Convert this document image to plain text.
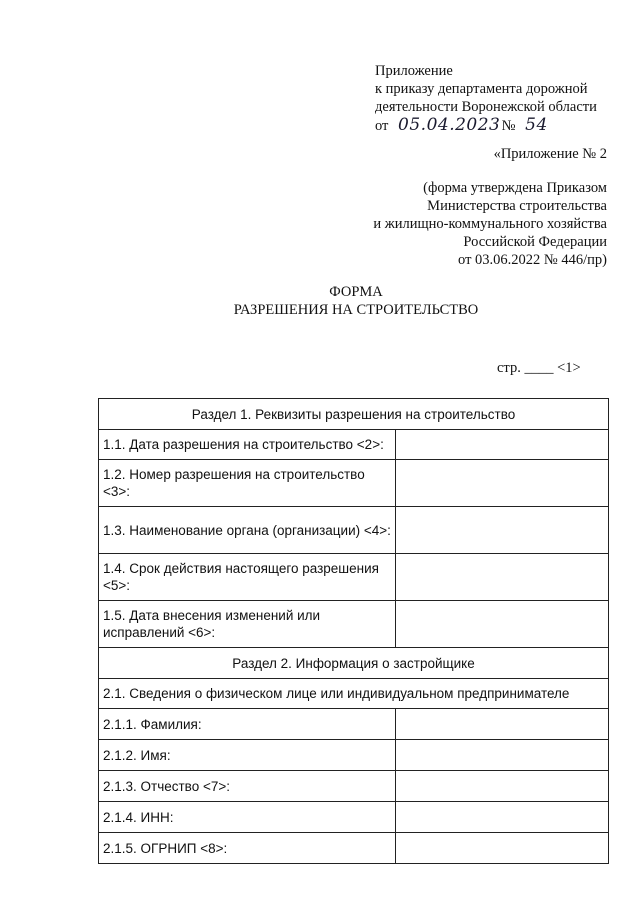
Приложение
к приказу департамента дорожной
деятельности Воронежской области
от 05.04.2023 № 54
«Приложение № 2
(форма утверждена Приказом
Министерства строительства
и жилищно-коммунального хозяйства
Российской Федерации
от 03.06.2022 № 446/пр)
ФОРМА
РАЗРЕШЕНИЯ НА СТРОИТЕЛЬСТВО
стр. ____ <1>
Раздел 1. Реквизиты разрешения на строительство	
1.1. Дата разрешения на строительство <2>:	
1.2. Номер разрешения на строительство <3>:	
1.3. Наименование органа (организации) <4>:	
1.4. Срок действия настоящего разрешения <5>:	
1.5. Дата внесения изменений или исправлений <6>:	
Раздел 2. Информация о застройщике	
2.1. Сведения о физическом лице или индивидуальном предпринимателе	
2.1.1. Фамилия:	
2.1.2. Имя:	
2.1.3. Отчество <7>:	
2.1.4. ИНН:	
2.1.5. ОГРНИП <8>:	
